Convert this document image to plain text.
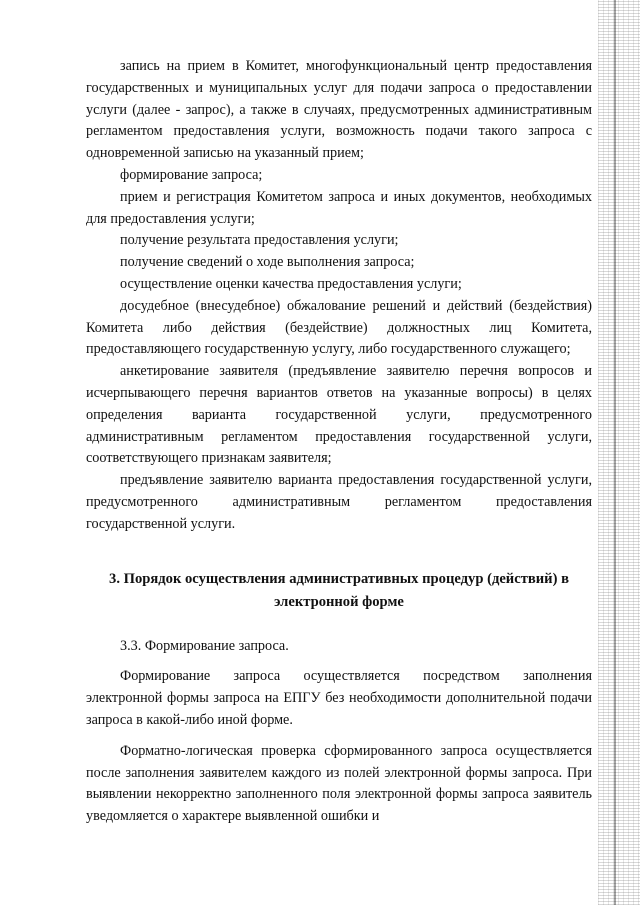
запись на прием в Комитет, многофункциональный центр предоставления государственных и муниципальных услуг для подачи запроса о предоставлении услуги (далее - запрос), а также в случаях, предусмотренных административным регламентом предоставления услуги, возможность подачи такого запроса с одновременной записью на указанный прием;

формирование запроса;

прием и регистрация Комитетом запроса и иных документов, необходимых для предоставления услуги;

получение результата предоставления услуги;

получение сведений о ходе выполнения запроса;

осуществление оценки качества предоставления услуги;

досудебное (внесудебное) обжалование решений и действий (бездействия) Комитета либо действия (бездействие) должностных лиц Комитета, предоставляющего государственную услугу, либо государственного служащего;

анкетирование заявителя (предъявление заявителю перечня вопросов и исчерпывающего перечня вариантов ответов на указанные вопросы) в целях определения варианта государственной услуги, предусмотренного административным регламентом предоставления государственной услуги, соответствующего признакам заявителя;

предъявление заявителю варианта предоставления государственной услуги, предусмотренного административным регламентом предоставления государственной услуги.

3. Порядок осуществления административных процедур (действий) в электронной форме

3.3. Формирование запроса.

Формирование запроса осуществляется посредством заполнения электронной формы запроса на ЕПГУ без необходимости дополнительной подачи запроса в какой-либо иной форме.

Форматно-логическая проверка сформированного запроса осуществляется после заполнения заявителем каждого из полей электронной формы запроса. При выявлении некорректно заполненного поля электронной формы запроса заявитель уведомляется о характере выявленной ошибки и
